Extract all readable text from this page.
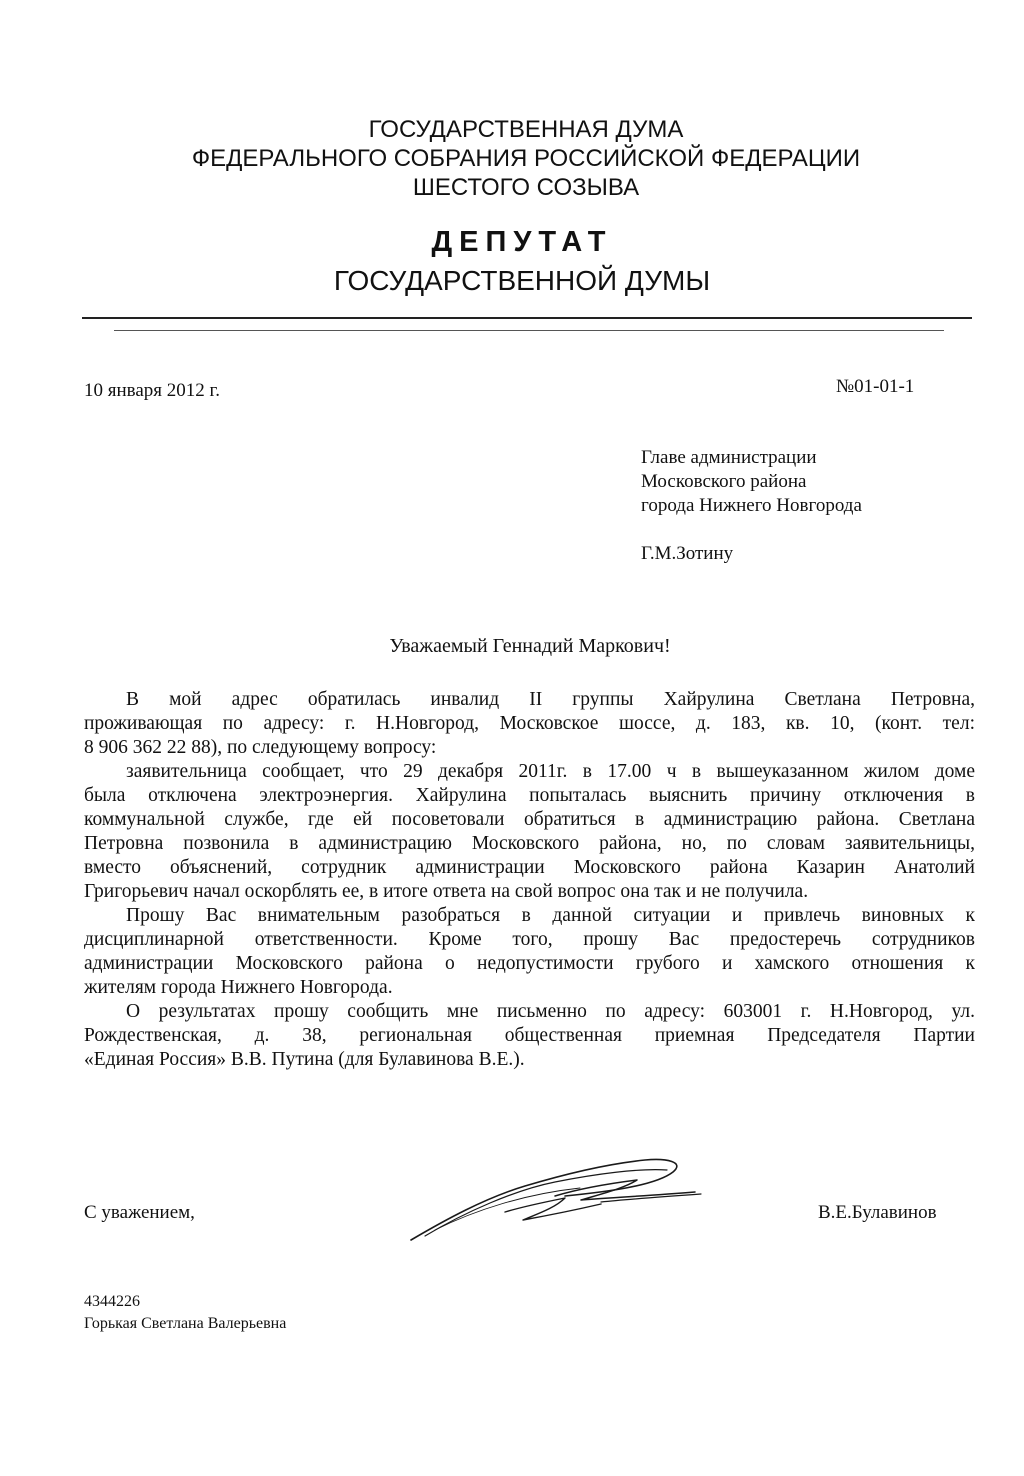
ГОСУДАРСТВЕННАЯ ДУМА
ФЕДЕРАЛЬНОГО СОБРАНИЯ РОССИЙСКОЙ ФЕДЕРАЦИИ
ШЕСТОГО СОЗЫВА
ДЕПУТАТ
ГОСУДАРСТВЕННОЙ ДУМЫ
10 января 2012 г.	№01-01-1
Главе администрации
Московского района
города Нижнего Новгорода
Г.М.Зотину
Уважаемый Геннадий Маркович!

В мой адрес обратилась инвалид II группы Хайрулина Светлана Петровна,
проживающая по адресу: г. Н.Новгород, Московское шоссе, д. 183, кв. 10, (конт. тел:
8 906 362 22 88), по следующему вопросу:

заявительница сообщает, что 29 декабря 2011г. в 17.00 ч в вышеуказанном жилом доме
была отключена электроэнергия. Хайрулина попыталась выяснить причину отключения в
коммунальной службе, где ей посоветовали обратиться в администрацию района. Светлана
Петровна позвонила в администрацию Московского района, но, по словам заявительницы,
вместо объяснений, сотрудник администрации Московского района Казарин Анатолий
Григорьевич начал оскорблять ее, в итоге ответа на свой вопрос она так и не получила.

Прошу Вас внимательным разобраться в данной ситуации и привлечь виновных к
дисциплинарной ответственности. Кроме того, прошу Вас предостеречь сотрудников
администрации Московского района о недопустимости грубого и хамского отношения к
жителям города Нижнего Новгорода.

О результатах прошу сообщить мне письменно по адресу: 603001 г. Н.Новгород, ул.
Рождественская, д. 38, региональная общественная приемная Председателя Партии
«Единая Россия» В.В. Путина (для Булавинова В.Е.).

С уважением,	В.Е.Булавинов
4344226
Горькая Светлана Валерьевна
